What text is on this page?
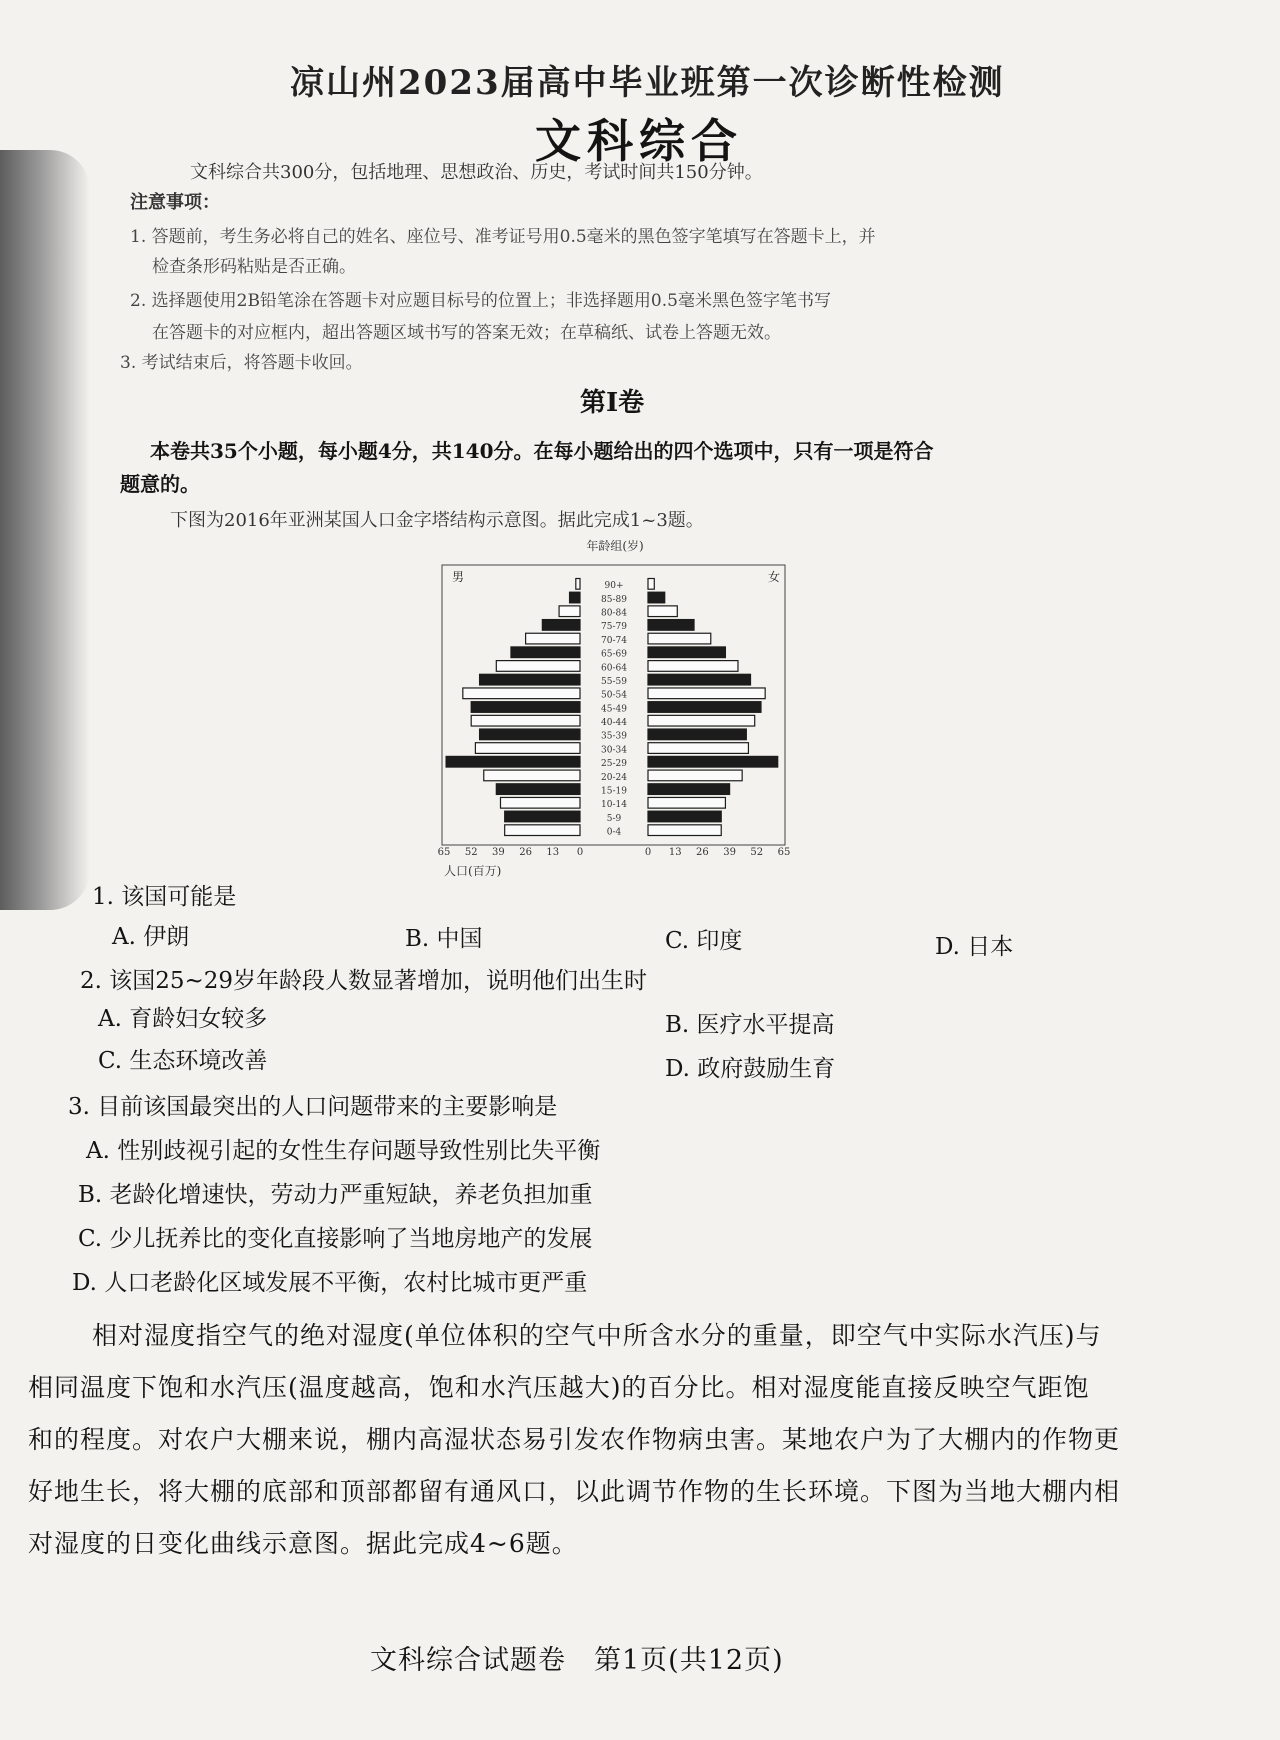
凉山州2023届高中毕业班第一次诊断性检测
文科综合
文科综合共300分，包括地理、思想政治、历史，考试时间共150分钟。
注意事项：
1. 答题前，考生务必将自己的姓名、座位号、准考证号用0.5毫米的黑色签字笔填写在答题卡上，并
检查条形码粘贴是否正确。
2. 选择题使用2B铅笔涂在答题卡对应题目标号的位置上；非选择题用0.5毫米黑色签字笔书写
在答题卡的对应框内，超出答题区域书写的答案无效；在草稿纸、试卷上答题无效。
3. 考试结束后，将答题卡收回。
第Ⅰ卷
本卷共35个小题，每小题4分，共140分。在每小题给出的四个选项中，只有一项是符合
题意的。
下图为2016年亚洲某国人口金字塔结构示意图。据此完成1~3题。
年龄组(岁)
男	女
0-4
5-9
10-14
15-19
20-24
25-29
30-34
35-39
40-44
45-49
50-54
55-59
60-64
65-69
70-74
75-79
80-84
85-89
90+
65 52 39 26 13 0	0 13 26 39 52 65
人口(百万)
1. 该国可能是
A. 伊朗	B. 中国	C. 印度	D. 日本
2. 该国25~29岁年龄段人数显著增加，说明他们出生时
A. 育龄妇女较多	B. 医疗水平提高
C. 生态环境改善	D. 政府鼓励生育
3. 目前该国最突出的人口问题带来的主要影响是
A. 性别歧视引起的女性生存问题导致性别比失平衡
B. 老龄化增速快，劳动力严重短缺，养老负担加重
C. 少儿抚养比的变化直接影响了当地房地产的发展
D. 人口老龄化区域发展不平衡，农村比城市更严重
相对湿度指空气的绝对湿度(单位体积的空气中所含水分的重量，即空气中实际水汽压)与
相同温度下饱和水汽压(温度越高，饱和水汽压越大)的百分比。相对湿度能直接反映空气距饱
和的程度。对农户大棚来说，棚内高湿状态易引发农作物病虫害。某地农户为了大棚内的作物更
好地生长，将大棚的底部和顶部都留有通风口，以此调节作物的生长环境。下图为当地大棚内相
对湿度的日变化曲线示意图。据此完成4~6题。
文科综合试题卷　第1页(共12页)
